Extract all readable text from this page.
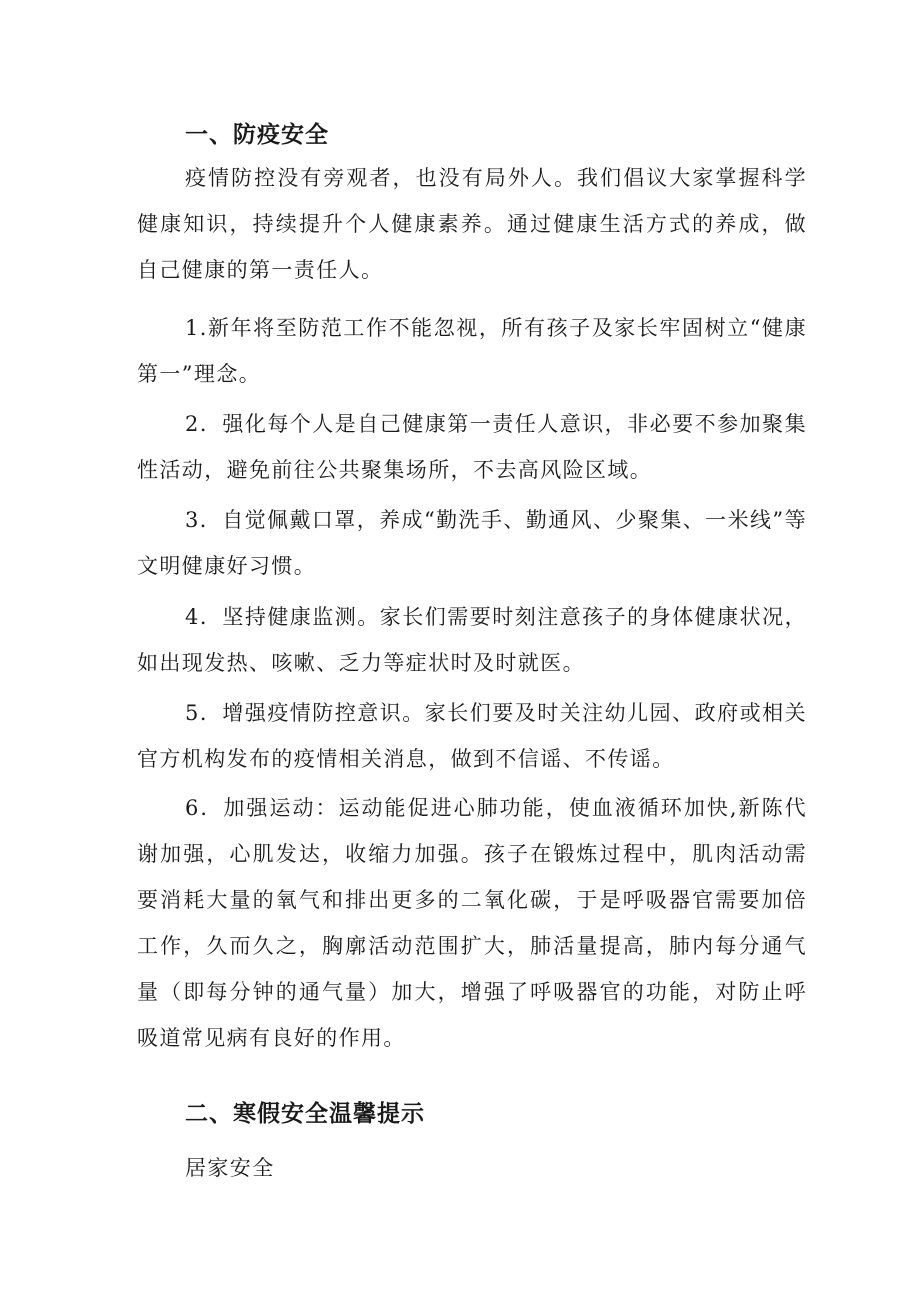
一、防疫安全

疫情防控没有旁观者，也没有局外人。我们倡议大家掌握科学健康知识，持续提升个人健康素养。通过健康生活方式的养成，做自己健康的第一责任人。

1.新年将至防范工作不能忽视，所有孩子及家长牢固树立“健康第一”理念。

2．强化每个人是自己健康第一责任人意识，非必要不参加聚集性活动，避免前往公共聚集场所，不去高风险区域。

3．自觉佩戴口罩，养成“勤洗手、勤通风、少聚集、一米线”等文明健康好习惯。

4．坚持健康监测。家长们需要时刻注意孩子的身体健康状况，如出现发热、咳嗽、乏力等症状时及时就医。

5．增强疫情防控意识。家长们要及时关注幼儿园、政府或相关官方机构发布的疫情相关消息，做到不信谣、不传谣。

6．加强运动：运动能促进心肺功能，使血液循环加快,新陈代谢加强，心肌发达，收缩力加强。孩子在锻炼过程中，肌肉活动需要消耗大量的氧气和排出更多的二氧化碳，于是呼吸器官需要加倍工作，久而久之，胸廓活动范围扩大，肺活量提高，肺内每分通气量（即每分钟的通气量）加大，增强了呼吸器官的功能，对防止呼吸道常见病有良好的作用。

二、寒假安全温馨提示
居家安全
